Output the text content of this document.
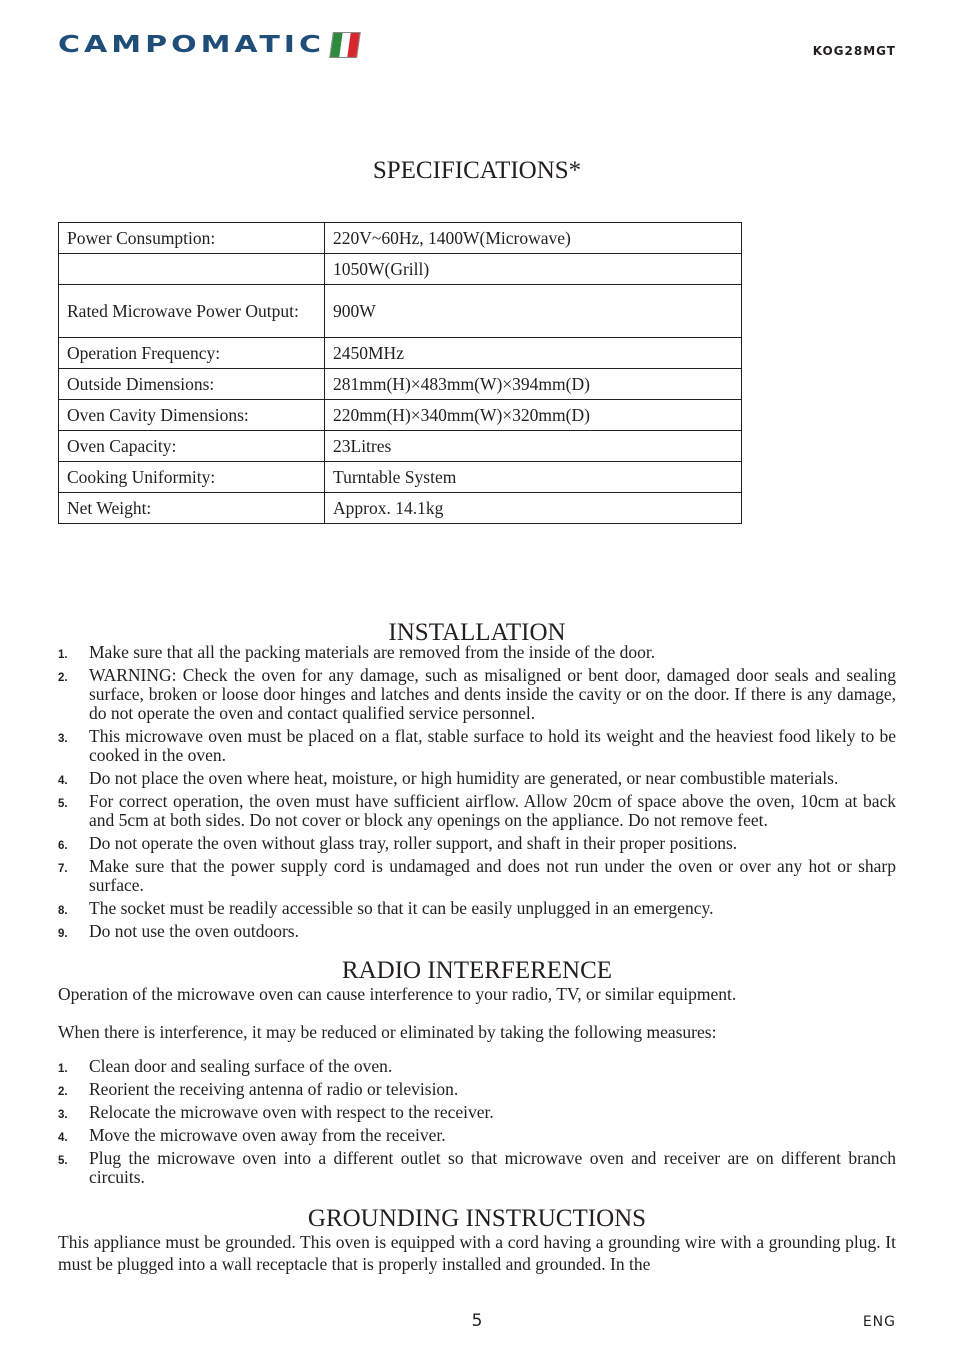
CAMPOMATIC	KOG28MGT
SPECIFICATIONS*
Power Consumption:	220V~60Hz, 1400W(Microwave)
	1050W(Grill)
Rated Microwave Power Output:	900W
Operation Frequency:	2450MHz
Outside Dimensions:	281mm(H)×483mm(W)×394mm(D)
Oven Cavity Dimensions:	220mm(H)×340mm(W)×320mm(D)
Oven Capacity:	23Litres
Cooking Uniformity:	Turntable System
Net Weight:	Approx. 14.1kg
INSTALLATION
1. Make sure that all the packing materials are removed from the inside of the door.
2. WARNING: Check the oven for any damage, such as misaligned or bent door, damaged door seals and sealing surface, broken or loose door hinges and latches and dents inside the cavity or on the door. If there is any damage, do not operate the oven and contact qualified service personnel.
3. This microwave oven must be placed on a flat, stable surface to hold its weight and the heaviest food likely to be cooked in the oven.
4. Do not place the oven where heat, moisture, or high humidity are generated, or near combustible materials.
5. For correct operation, the oven must have sufficient airflow. Allow 20cm of space above the oven, 10cm at back and 5cm at both sides. Do not cover or block any openings on the appliance. Do not remove feet.
6. Do not operate the oven without glass tray, roller support, and shaft in their proper positions.
7. Make sure that the power supply cord is undamaged and does not run under the oven or over any hot or sharp surface.
8. The socket must be readily accessible so that it can be easily unplugged in an emergency.
9. Do not use the oven outdoors.
RADIO INTERFERENCE
Operation of the microwave oven can cause interference to your radio, TV, or similar equipment.
When there is interference, it may be reduced or eliminated by taking the following measures:
1. Clean door and sealing surface of the oven.
2. Reorient the receiving antenna of radio or television.
3. Relocate the microwave oven with respect to the receiver.
4. Move the microwave oven away from the receiver.
5. Plug the microwave oven into a different outlet so that microwave oven and receiver are on different branch circuits.
GROUNDING INSTRUCTIONS
This appliance must be grounded. This oven is equipped with a cord having a grounding wire with a grounding plug. It must be plugged into a wall receptacle that is properly installed and grounded. In the
5	ENG
